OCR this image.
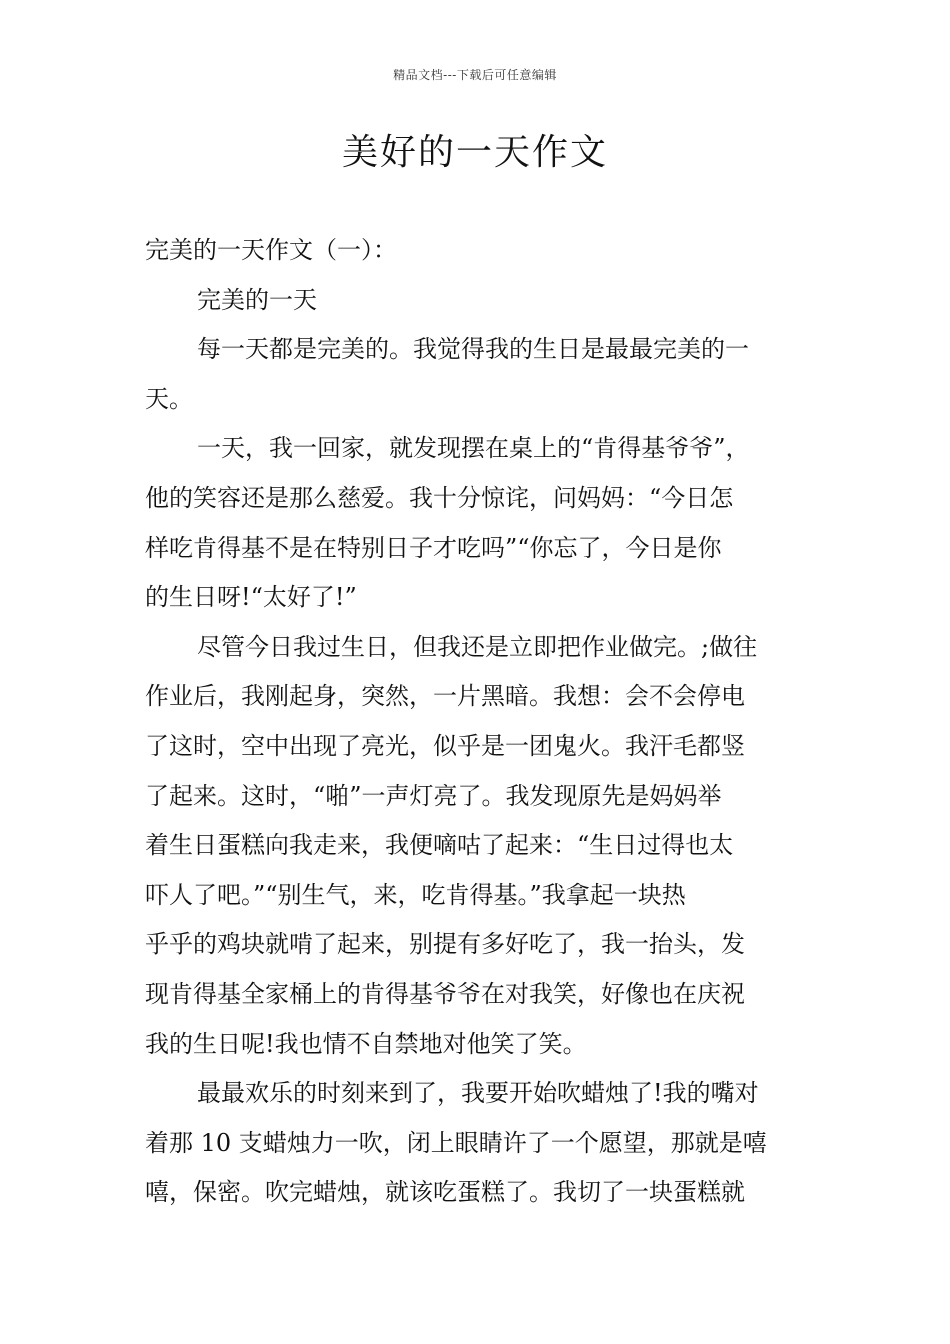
精品文档---下载后可任意编辑
美好的一天作文
完美的一天作文（一）：
完美的一天
每一天都是完美的。我觉得我的生日是最最完美的一
天。
一天，我一回家，就发现摆在桌上的“肯得基爷爷”，
他的笑容还是那么慈爱。我十分惊诧，问妈妈：“今日怎
样吃肯得基不是在特别日子才吃吗”“你忘了，今日是你
的生日呀!“太好了!”
尽管今日我过生日，但我还是立即把作业做完。;做往
作业后，我刚起身，突然，一片黑暗。我想：会不会停电
了这时，空中出现了亮光，似乎是一团鬼火。我汗毛都竖
了起来。这时，“啪”一声灯亮了。我发现原先是妈妈举
着生日蛋糕向我走来，我便嘀咕了起来：“生日过得也太
吓人了吧。”“别生气，来，吃肯得基。”我拿起一块热
乎乎的鸡块就啃了起来，别提有多好吃了，我一抬头，发
现肯得基全家桶上的肯得基爷爷在对我笑，好像也在庆祝
我的生日呢!我也情不自禁地对他笑了笑。
最最欢乐的时刻来到了，我要开始吹蜡烛了!我的嘴对
着那 10 支蜡烛力一吹，闭上眼睛许了一个愿望，那就是嘻
嘻，保密。吹完蜡烛，就该吃蛋糕了。我切了一块蛋糕就
